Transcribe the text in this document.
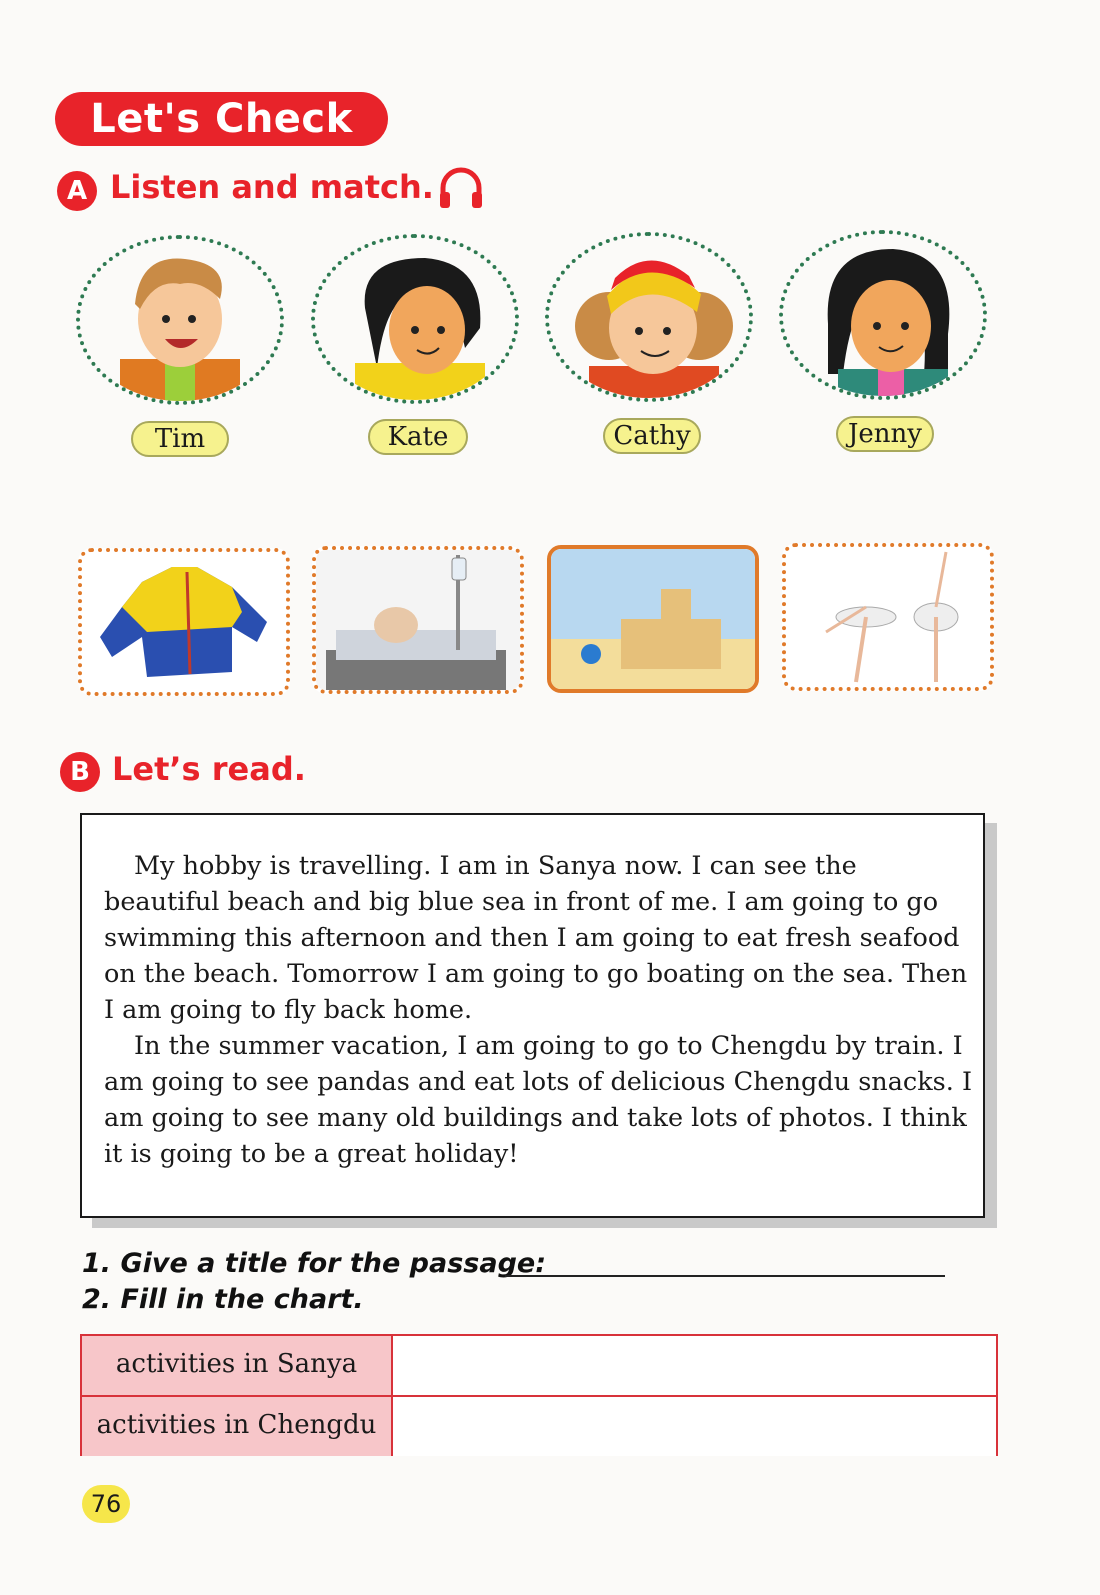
Let's Check
A Listen and match.
Tim	Kate	Cathy	Jenny
B Let’s read.
My hobby is travelling. I am in Sanya now. I can see the beautiful beach and big blue sea in front of me. I am going to go swimming this afternoon and then I am going to eat fresh seafood on the beach. Tomorrow I am going to go boating on the sea. Then I am going to fly back home.
In the summer vacation, I am going to go to Chengdu by train. I am going to see pandas and eat lots of delicious Chengdu snacks. I am going to see many old buildings and take lots of photos. I think it is going to be a great holiday!
1. Give a title for the passage:
2. Fill in the chart.
activities in Sanya
activities in Chengdu
76
